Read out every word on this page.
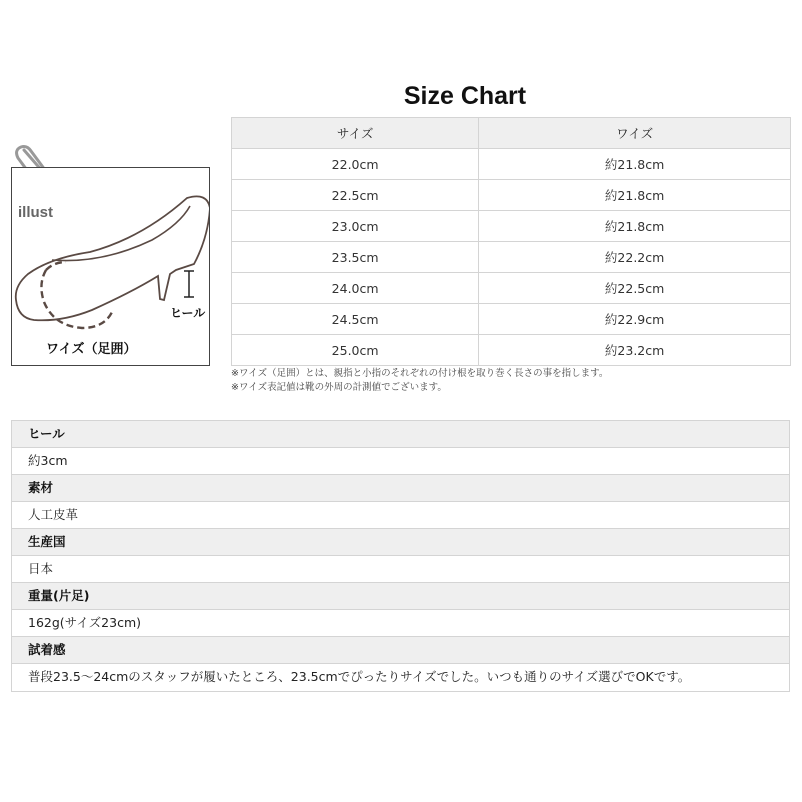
Size Chart
illust
ヒール
ワイズ（足囲）
サイズ	ワイズ
22.0cm	約21.8cm
22.5cm	約21.8cm
23.0cm	約21.8cm
23.5cm	約22.2cm
24.0cm	約22.5cm
24.5cm	約22.9cm
25.0cm	約23.2cm
※ワイズ（足囲）とは、親指と小指のそれぞれの付け根を取り巻く長さの事を指します。
※ワイズ表記値は靴の外周の計測値でございます。
ヒール
約3cm
素材
人工皮革
生産国
日本
重量(片足)
162g(サイズ23cm)
試着感
普段23.5～24cmのスタッフが履いたところ、23.5cmでぴったりサイズでした。いつも通りのサイズ選びでOKです。
